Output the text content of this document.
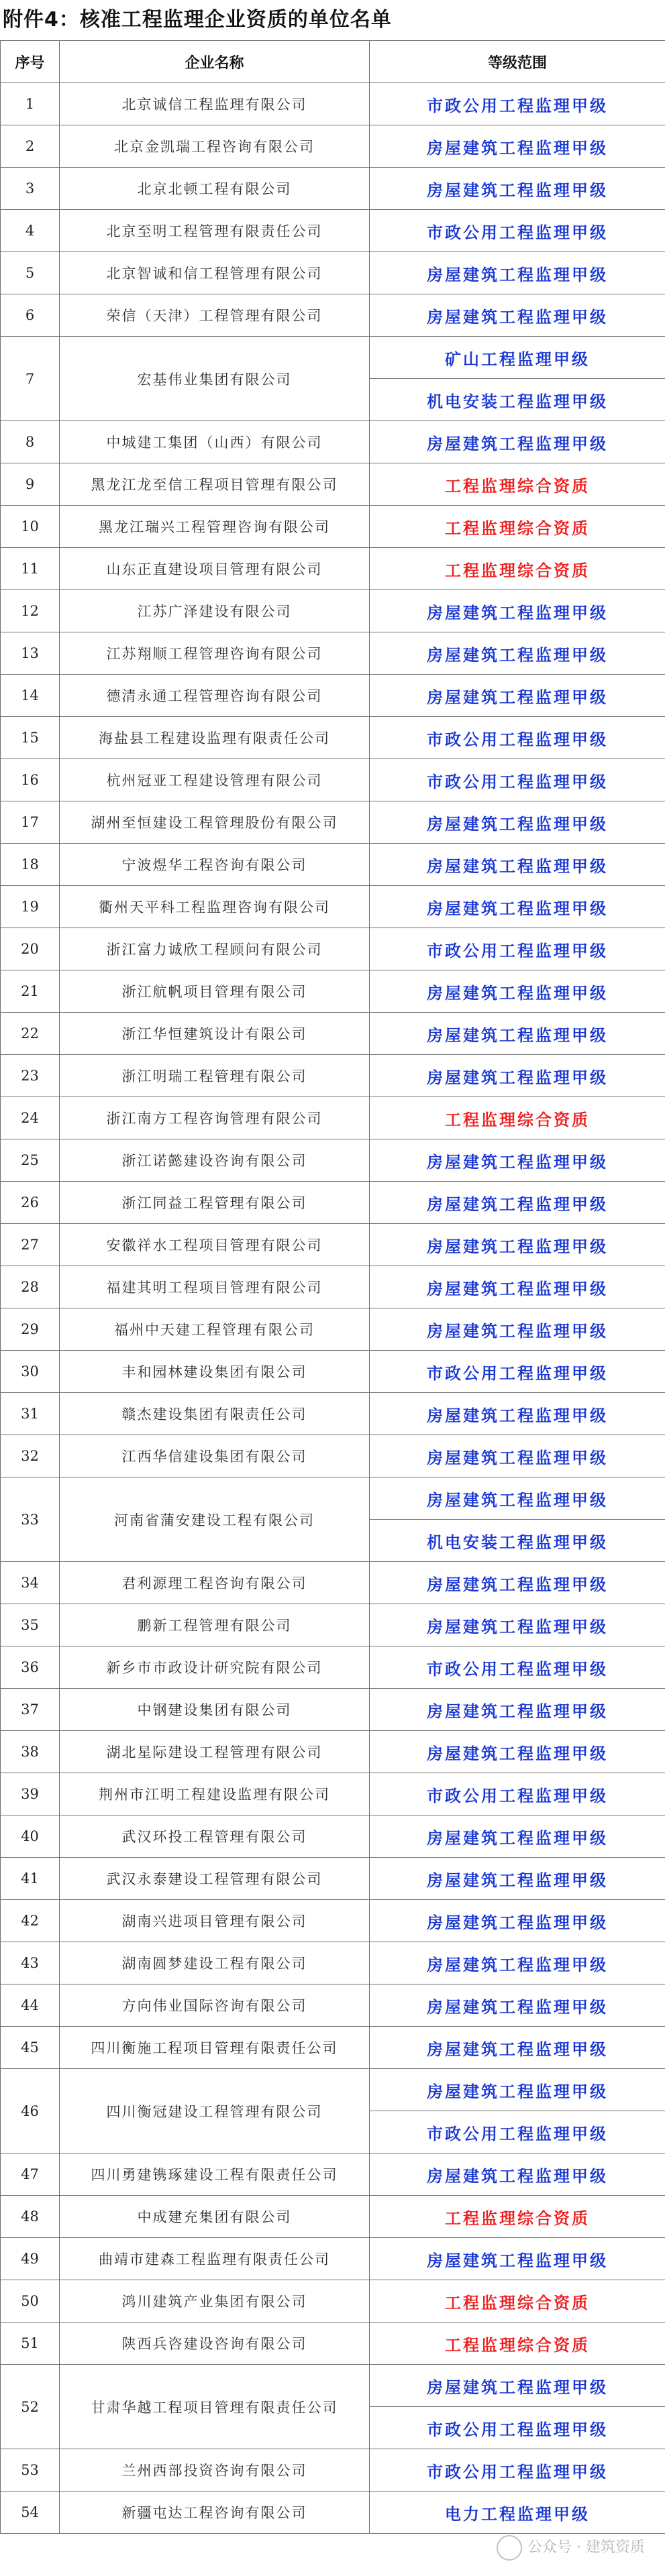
附件4：核准工程监理企业资质的单位名单
序号	企业名称	等级范围
1	北京诚信工程监理有限公司	市政公用工程监理甲级
2	北京金凯瑞工程咨询有限公司	房屋建筑工程监理甲级
3	北京北顿工程有限公司	房屋建筑工程监理甲级
4	北京至明工程管理有限责任公司	市政公用工程监理甲级
5	北京智诚和信工程管理有限公司	房屋建筑工程监理甲级
6	荣信（天津）工程管理有限公司	房屋建筑工程监理甲级
7	宏基伟业集团有限公司	矿山工程监理甲级
		机电安装工程监理甲级
8	中城建工集团（山西）有限公司	房屋建筑工程监理甲级
9	黑龙江龙至信工程项目管理有限公司	工程监理综合资质
10	黑龙江瑞兴工程管理咨询有限公司	工程监理综合资质
11	山东正直建设项目管理有限公司	工程监理综合资质
12	江苏广泽建设有限公司	房屋建筑工程监理甲级
13	江苏翔顺工程管理咨询有限公司	房屋建筑工程监理甲级
14	德清永通工程管理咨询有限公司	房屋建筑工程监理甲级
15	海盐县工程建设监理有限责任公司	市政公用工程监理甲级
16	杭州冠亚工程建设管理有限公司	市政公用工程监理甲级
17	湖州至恒建设工程管理股份有限公司	房屋建筑工程监理甲级
18	宁波煜华工程咨询有限公司	房屋建筑工程监理甲级
19	衢州天平科工程监理咨询有限公司	房屋建筑工程监理甲级
20	浙江富力诚欣工程顾问有限公司	市政公用工程监理甲级
21	浙江航帆项目管理有限公司	房屋建筑工程监理甲级
22	浙江华恒建筑设计有限公司	房屋建筑工程监理甲级
23	浙江明瑞工程管理有限公司	房屋建筑工程监理甲级
24	浙江南方工程咨询管理有限公司	工程监理综合资质
25	浙江诺懿建设咨询有限公司	房屋建筑工程监理甲级
26	浙江同益工程管理有限公司	房屋建筑工程监理甲级
27	安徽祥水工程项目管理有限公司	房屋建筑工程监理甲级
28	福建其明工程项目管理有限公司	房屋建筑工程监理甲级
29	福州中天建工程管理有限公司	房屋建筑工程监理甲级
30	丰和园林建设集团有限公司	市政公用工程监理甲级
31	赣杰建设集团有限责任公司	房屋建筑工程监理甲级
32	江西华信建设集团有限公司	房屋建筑工程监理甲级
33	河南省蒲安建设工程有限公司	房屋建筑工程监理甲级
		机电安装工程监理甲级
34	君利源理工程咨询有限公司	房屋建筑工程监理甲级
35	鹏新工程管理有限公司	房屋建筑工程监理甲级
36	新乡市市政设计研究院有限公司	市政公用工程监理甲级
37	中钢建设集团有限公司	房屋建筑工程监理甲级
38	湖北星际建设工程管理有限公司	房屋建筑工程监理甲级
39	荆州市江明工程建设监理有限公司	市政公用工程监理甲级
40	武汉环投工程管理有限公司	房屋建筑工程监理甲级
41	武汉永泰建设工程管理有限公司	房屋建筑工程监理甲级
42	湖南兴进项目管理有限公司	房屋建筑工程监理甲级
43	湖南圆梦建设工程有限公司	房屋建筑工程监理甲级
44	方向伟业国际咨询有限公司	房屋建筑工程监理甲级
45	四川衡施工程项目管理有限责任公司	房屋建筑工程监理甲级
46	四川衡冠建设工程管理有限公司	房屋建筑工程监理甲级
		市政公用工程监理甲级
47	四川勇建镌琢建设工程有限责任公司	房屋建筑工程监理甲级
48	中成建充集团有限公司	工程监理综合资质
49	曲靖市建森工程监理有限责任公司	房屋建筑工程监理甲级
50	鸿川建筑产业集团有限公司	工程监理综合资质
51	陕西兵咨建设咨询有限公司	工程监理综合资质
52	甘肃华越工程项目管理有限责任公司	房屋建筑工程监理甲级
		市政公用工程监理甲级
53	兰州西部投资咨询有限公司	市政公用工程监理甲级
54	新疆屯达工程咨询有限公司	电力工程监理甲级
公众号 · 建筑资质
